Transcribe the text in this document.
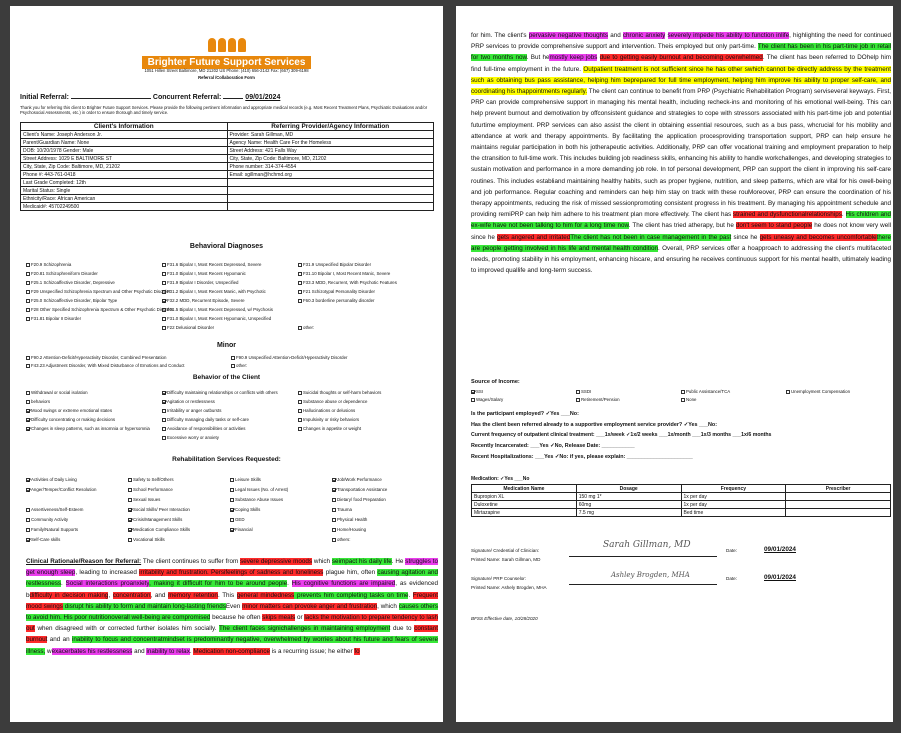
Brighter Future Support Services
1051 Hillen Street Baltimore, MD 21202 US Phone: (410) 656-2142 Fax: (667) 309-6198
Referral /Collaboration Form
Initial Referral:	Concurrent Referral:	09/01/2024
Thank you for referring this client to Brighter Future Support Services. Please provide the following pertinent information and appropriate medical records (e.g. Most Recent Treatment Plans, Psychiatric Evaluations and/or Psychosocial Assessments, etc.) in order to ensure thorough and timely service.
Client's Information	Referring Provider/Agency Information
Client's Name: Joseph Anderson Jr.	Provider: Sarah Gillman, MD
Parent/Guardian Name: None	Agency Name: Health Care For the Homeless
DOB: 10/20/1978 Gender: Male	Street Address: 421 Falls Way
Street Address: 1029 E BALTIMORE ST	City, State, Zip Code: Baltimore, MD, 21202
City, State, Zip Code: Baltimore, MD, 21202	Phone number: 314-374-4554
Phone #: 443-761-0418	Email: sgillman@hchmd.org
Last Grade Completed: 12th	
Marital Status: Single	
Ethnicity/Race: African American	
Medicaid#: 45702249500	
Behavioral Diagnoses
F20.9 Schizophrenia	F31.6 Bipolar I, Most Recent Depressed, Severe	F31.9 Unspecified Bipolar Disorder
F20.81 Schizophreniform Disorder	F31.0 Bipolar I, Most Recent Hypomanic	F31.10 Bipolar I, Most Recent Manic, Severe
F25.1 Schizoaffective Disorder, Depressive	F31.9 Bipolar I Disorder, Unspecified	F33.3 MDD, Recurrent, With Psychotic Features
F29 Unspecified Schizophrenia Spectrum and Other Psychotic Disorder
F31.2 Bipolar I, Most Recent Manic, with Psychotic	F21 Schizotypal Personality Disorder
F25.0 Schizoaffective Disorder, Bipolar Type	F32.2 MDD, Recurrent Episode, Severe	F60.3 borderline personality disorder
F28 Other Specified Schizophrenia Spectrum & Other Psychotic Disorder
F31.5 Bipolar I, Most Recent Depressed, w/ Psychosis
F31.81 Bipolar II Disorder	F31.0 Bipolar I, Most Recent Hypomanic, Unspecified
F22 Delusional Disorder	other:
Minor
F90.2 Attention-Deficit/Hyperactivity Disorder, Combined Presentation	F90.9 Unspecified Attention-Deficit/Hyperactivity Disorder
F43.23 Adjustment Disorder, With Mixed Disturbance of Emotions and Conduct	other:
Behavior of the Client
Withdrawal or social isolation	Difficulty maintaining relationships or conflicts with others	Suicidal thoughts or self-harm behaviors
behaviors	Agitation or restlessness	Substance abuse or dependence
Mood swings or extreme emotional states	Irritability or anger outbursts	Hallucinations or delusions
Difficulty concentrating or making decisions	Difficulty managing daily tasks or self-care	Impulsivity or risky behaviors
Changes in sleep patterns, such as insomnia or hypersomnia	Avoidance of responsibilities or activities	Changes in appetite or weight
Excessive worry or anxiety
Rehabilitation Services Requested:
Activities of Daily Living	Safety to Self/Others	Leisure Skills	Job/Work Performance
Anger/Temper/Conflict Resolution	School Performance	Legal Issues (No. of Arrest)	Transportation Assistance
Sexual Issues	Substance Abuse Issues	Dietary/ food Preparation
Assertiveness/Self-Esteem	Social Skills/ Peer Interaction	Coping Skills	Trauma
Community Activity	Crisis/Management Skills	GED	Physical Health
Family/Natural Supports	Medication Compliance Skills	Financial	Home/Housing
Self-Care skills	Vocational Skills	others:
Clinical Rationale/Reason for Referral: The client continues to suffer from severe depressive moods which seimpact his daily life. He struggles to get enough sleep, leading to increased irritability and frustration. Persifeelings of sadness and loneliness plague him, often causing agitation and restlessness. Social interactions proanxiety, making it difficult for him to be around people. His cognitive functions are impaired, as evidenced bdifficulty in decision making, concentration, and memory retention. This general mindedness prevents him completing tasks on time. Frequent mood swings disrupt his ability to form and maintain long-lasting friendsEven minor matters can provoke anger and frustration, which causes others to avoid him. His poor nutritionoverall well-being are compromised because he often skips meals or lacks the motivation to prepare tendency to lash out when disagreed with or corrected further isolates him socially. The client faces signichallenges in maintaining employment due to constant burnout and an inability to focus and concentratmindset is predominantly negative, overwhelmed by worries about his future and fears of severe illness, wexacerbates his restlessness and inability to relax. Medication non-compliance is a recurring issue; he either fo
for him. The client's pervasive negative thoughts and chronic anxiety severely impede his ability to function inlife, highlighting the need for continued PRP services to provide comprehensive support and intervention. Theis employed but only part-time. The client has been in his part-time job in retail for two months now. But hemostly keep jobs due to getting easily burnout and becoming overwhelmed. The client has been referred to DOhelp him find full-time employment in the future. Outpatient treatment is not sufficient since he has other swhich cannot be directly address by the treatment such as obtaining bus pass assistance, helping him beprepared for full time employment, helping him improve his ability to proper self-care, and coordinating his thappointments regularly. The client can continue to benefit from PRP (Psychiatric Rehabilitation Program) serviseveral keyways. First, PRP can provide comprehensive support in managing his mental health, including recheck-ins and monitoring of his emotional well-being. This can help prevent burnout and demotivation by offconsistent guidance and strategies to cope with stressors associated with his part-time job and potential futurtime employment. PRP services can also assist the client in obtaining essential resources, such as a bus pass, whcrucial for his mobility and attendance at work and therapy appointments. By facilitating the application procesproviding transportation support, PRP can help ensure he maintains regular participation in both his jotherapeutic activities. Additionally, PRP can offer vocational training and employment preparation to help the ctransition to full-time work. This includes building job readiness skills, enhancing his ability to handle workchallenges, and developing strategies to sustain motivation and performance in a more demanding job role. In tof personal development, PRP can support the client in improving his self-care routines. This includes establiand maintaining healthy habits, such as proper hygiene, nutrition, and sleep patterns, which are vital for his owell-being and job performance. Regular coaching and reminders can help him stay on track with these rouMoreover, PRP can ensure the coordination of his therapy appointments, reducing the risk of missed sessionpromoting consistent progress in his treatment. By managing his appointment schedule and providing remiPRP can help him adhere to his treatment plan more effectively. The client has strained and dysfunctionalrelationships. His children and ex-wife have not been talking to him for a long time now. The client has tried atherapy, but he don't seem to stand people he does not know very well since he gets angered and irritatedThe client has not been in case management in the past since he gets uneasy and becomes uncomfortablethere are people getting involved in his life and mental health condition. Overall, PRP services offer a hoapproach to addressing the client's multifaceted needs, promoting stability in his employment, enhancing hiscare, and ensuring he receives continuous support for his mental health, ultimately leading to improved quallife and long-term success.
Source of Income:
SSI	SSDI	Public Assistance/TCA	Unemployment Compensation
Wages/Salary	Retirement/Pension	None
Is the participant employed? ✓Yes ___No:
Has the client been referred already to a supportive employment service provider? ✓Yes ___No:
Current frequency of outpatient clinical treatment: ___1x/week ✓1x/2 weeks ___1x/month ___1x/3 months ___1x/6 months
Recently Incarcerated: ___Yes ✓No, Release Date: ___________
Recent Hospitalizations: ___Yes ✓No: if yes, please explain: ______________________
Medication: ✓Yes ___No
Medication Name	Dosage	Frequency	Prescriber
Bupropion XL	150 mg 1*	1x per day	
Duloxetine	60mg	1x per day	
Mirtazapine	7.5 mg	Bed time	
Signature/ Credential of Clinician:
Sarah Gillman, MD
Printed Name: Sarah Gillman, MD
Date:	09/01/2024
Signature/ PRP Counselor:	Ashley Brogden, MHA
Printed Name: Ashely Brogden, MHA
Date:	09/01/2024
BFSS Effective date, 10/28/2020
